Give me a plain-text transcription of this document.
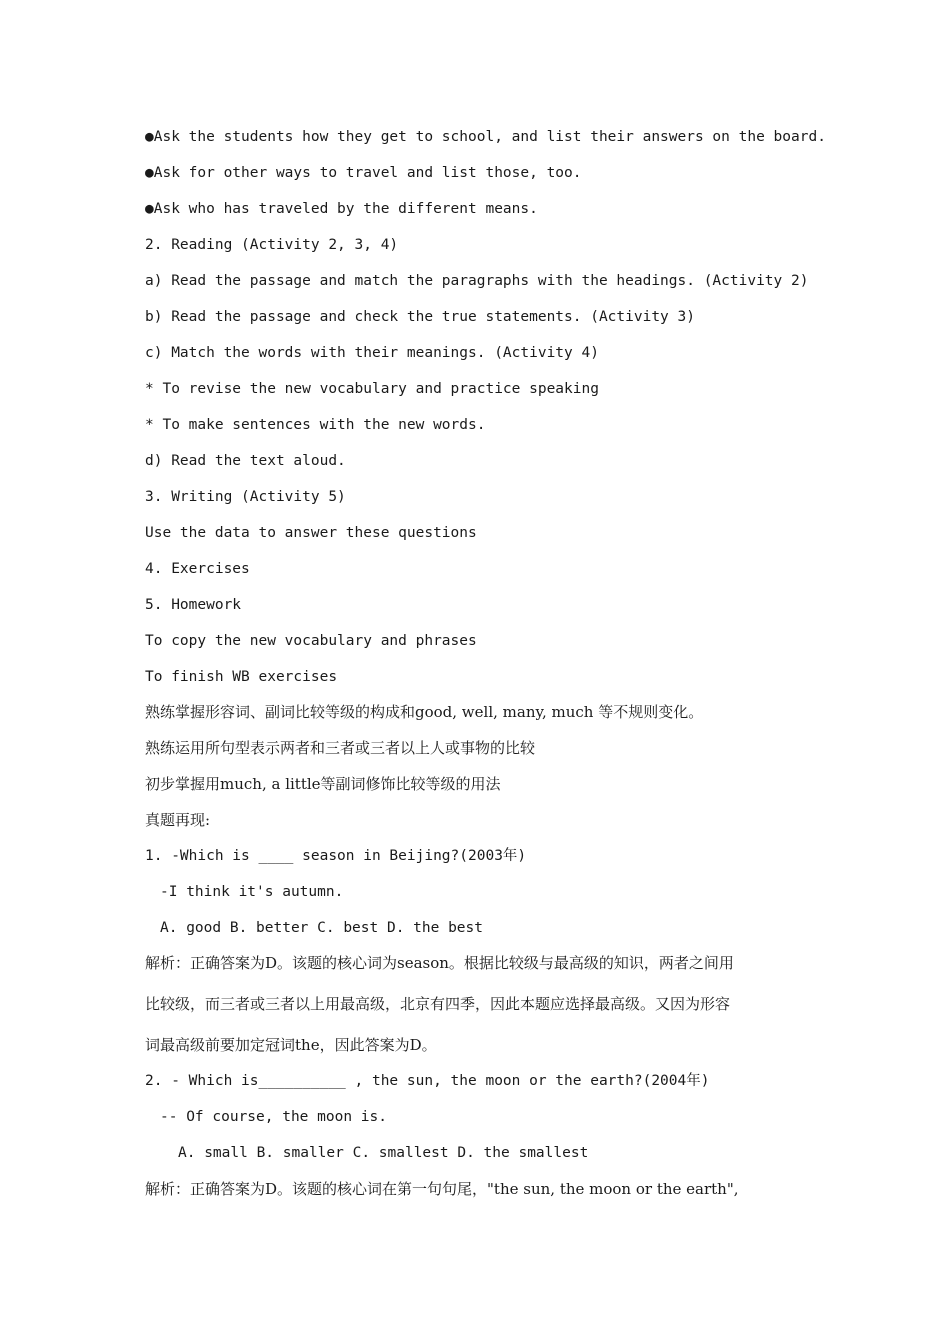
●Ask the students how they get to school, and list their answers on the board.
●Ask for other ways to travel and list those, too.
●Ask who has traveled by the different means.
2. Reading (Activity 2, 3, 4)
a) Read the passage and match the paragraphs with the headings. (Activity 2)
b) Read the passage and check the true statements. (Activity 3)
c) Match the words with their meanings. (Activity 4)
* To revise the new vocabulary and practice speaking
* To make sentences with the new words.
d) Read the text aloud.
3. Writing (Activity 5)
Use the data to answer these questions
4. Exercises
5. Homework
To copy the new vocabulary and phrases
To finish WB exercises
熟练掌握形容词、副词比较等级的构成和good, well, many, much 等不规则变化。
熟练运用所句型表示两者和三者或三者以上人或事物的比较
初步掌握用much, a little等副词修饰比较等级的用法
真题再现:
1. -Which is ____ season in Beijing?(2003年)
-I think it's autumn.
A. good B. better C. best D. the best
解析：正确答案为D。该题的核心词为season。根据比较级与最高级的知识，两者之间用
比较级，而三者或三者以上用最高级，北京有四季，因此本题应选择最高级。又因为形容
词最高级前要加定冠词the，因此答案为D。
2. - Which is__________ , the sun, the moon or the earth?(2004年)
-- Of course, the moon is.
A. small B. smaller C. smallest D. the smallest
解析：正确答案为D。该题的核心词在第一句句尾，"the sun, the moon or the earth",
